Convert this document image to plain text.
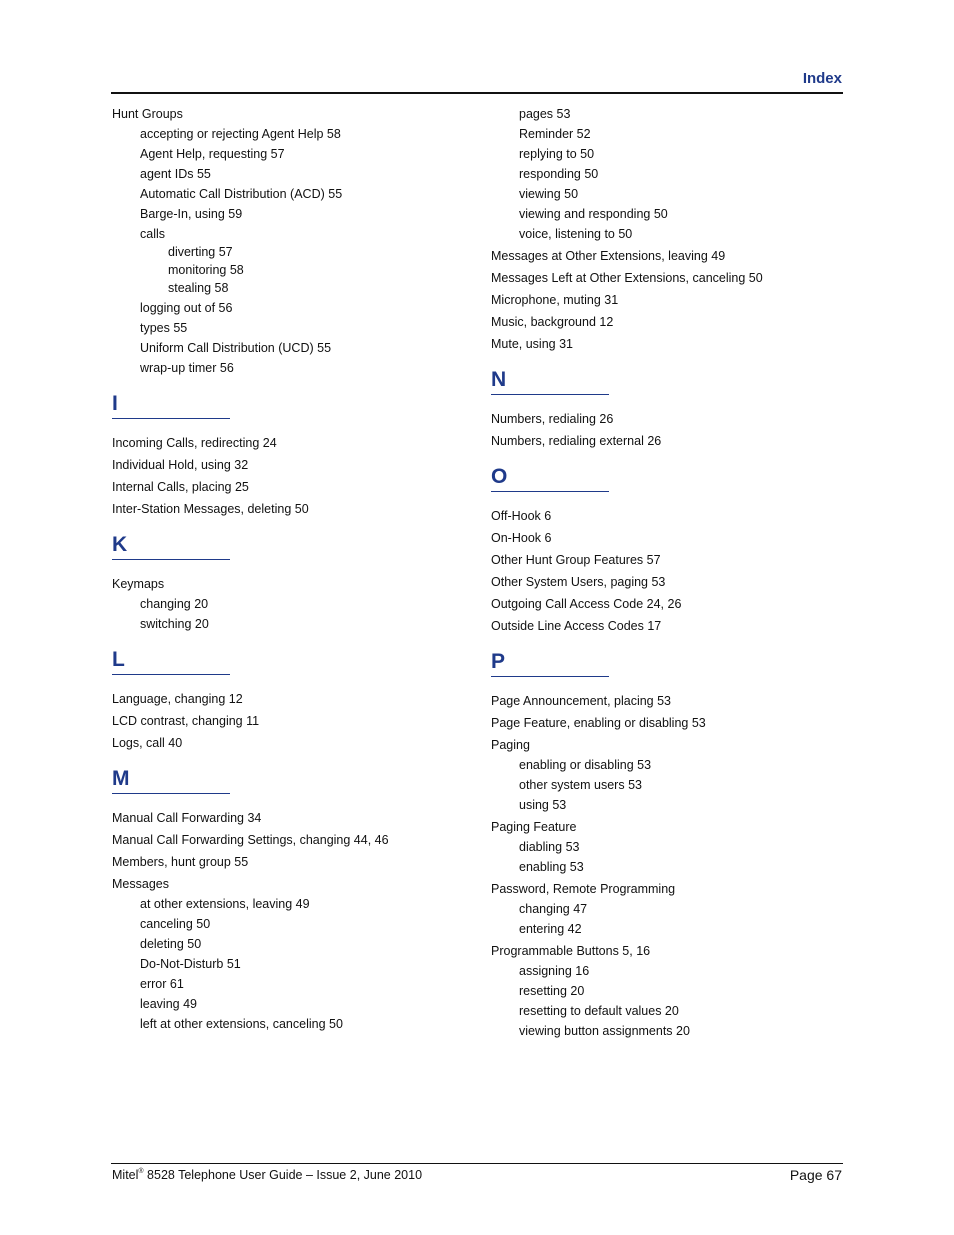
Index
Hunt Groups
accepting or rejecting Agent Help 58
Agent Help, requesting 57
agent IDs 55
Automatic Call Distribution (ACD) 55
Barge-In, using 59
calls
diverting 57
monitoring 58
stealing 58
logging out of 56
types 55
Uniform Call Distribution (UCD) 55
wrap-up timer 56
I
Incoming Calls, redirecting 24
Individual Hold, using 32
Internal Calls, placing 25
Inter-Station Messages, deleting 50
K
Keymaps
changing 20
switching 20
L
Language, changing 12
LCD contrast, changing 11
Logs, call 40
M
Manual Call Forwarding 34
Manual Call Forwarding Settings, changing 44, 46
Members, hunt group 55
Messages
at other extensions, leaving 49
canceling 50
deleting 50
Do-Not-Disturb 51
error 61
leaving 49
left at other extensions, canceling 50
pages 53
Reminder 52
replying to 50
responding 50
viewing 50
viewing and responding 50
voice, listening to 50
Messages at Other Extensions, leaving 49
Messages Left at Other Extensions, canceling 50
Microphone, muting 31
Music, background 12
Mute, using 31
N
Numbers, redialing 26
Numbers, redialing external 26
O
Off-Hook 6
On-Hook 6
Other Hunt Group Features 57
Other System Users, paging 53
Outgoing Call Access Code 24, 26
Outside Line Access Codes 17
P
Page Announcement, placing 53
Page Feature, enabling or disabling 53
Paging
enabling or disabling 53
other system users 53
using 53
Paging Feature
diabling 53
enabling 53
Password, Remote Programming
changing 47
entering 42
Programmable Buttons 5, 16
assigning 16
resetting 20
resetting to default values 20
viewing button assignments 20
Mitel® 8528 Telephone User Guide – Issue 2, June 2010	Page 67
